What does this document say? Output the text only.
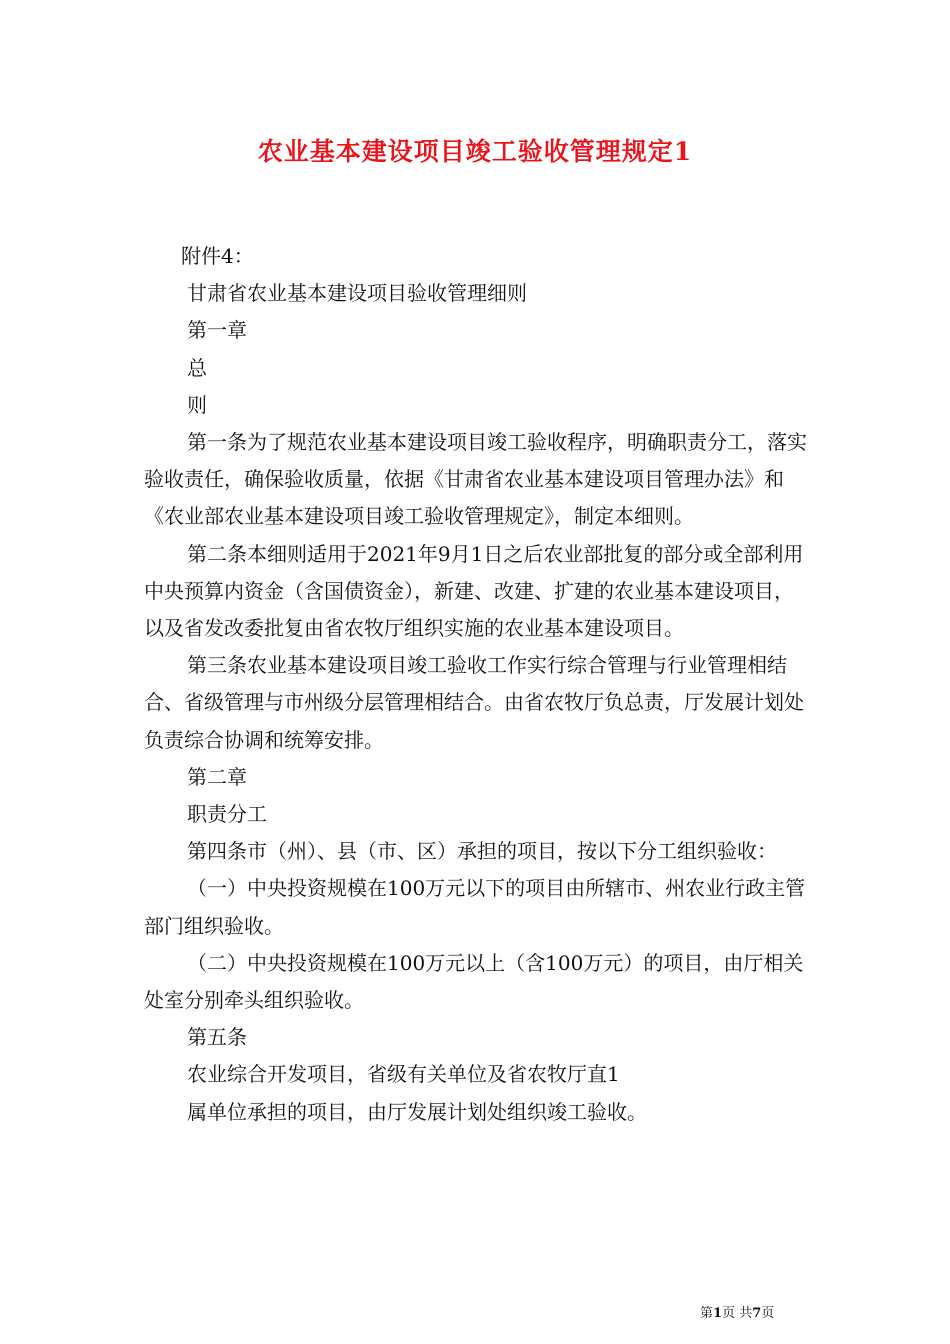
农业基本建设项目竣工验收管理规定1

附件4：

甘肃省农业基本建设项目验收管理细则

第一章

总

则

第一条为了规范农业基本建设项目竣工验收程序，明确职责分工，落实验收责任，确保验收质量，依据《甘肃省农业基本建设项目管理办法》和《农业部农业基本建设项目竣工验收管理规定》，制定本细则。

第二条本细则适用于2021年9月1日之后农业部批复的部分或全部利用中央预算内资金（含国债资金），新建、改建、扩建的农业基本建设项目，以及省发改委批复由省农牧厅组织实施的农业基本建设项目。

第三条农业基本建设项目竣工验收工作实行综合管理与行业管理相结合、省级管理与市州级分层管理相结合。由省农牧厅负总责，厅发展计划处负责综合协调和统筹安排。

第二章

职责分工

第四条市（州）、县（市、区）承担的项目，按以下分工组织验收：

（一）中央投资规模在100万元以下的项目由所辖市、州农业行政主管部门组织验收。

（二）中央投资规模在100万元以上（含100万元）的项目，由厅相关处室分别牵头组织验收。

第五条

农业综合开发项目，省级有关单位及省农牧厅直1

属单位承担的项目，由厅发展计划处组织竣工验收。

第1页 共7页
